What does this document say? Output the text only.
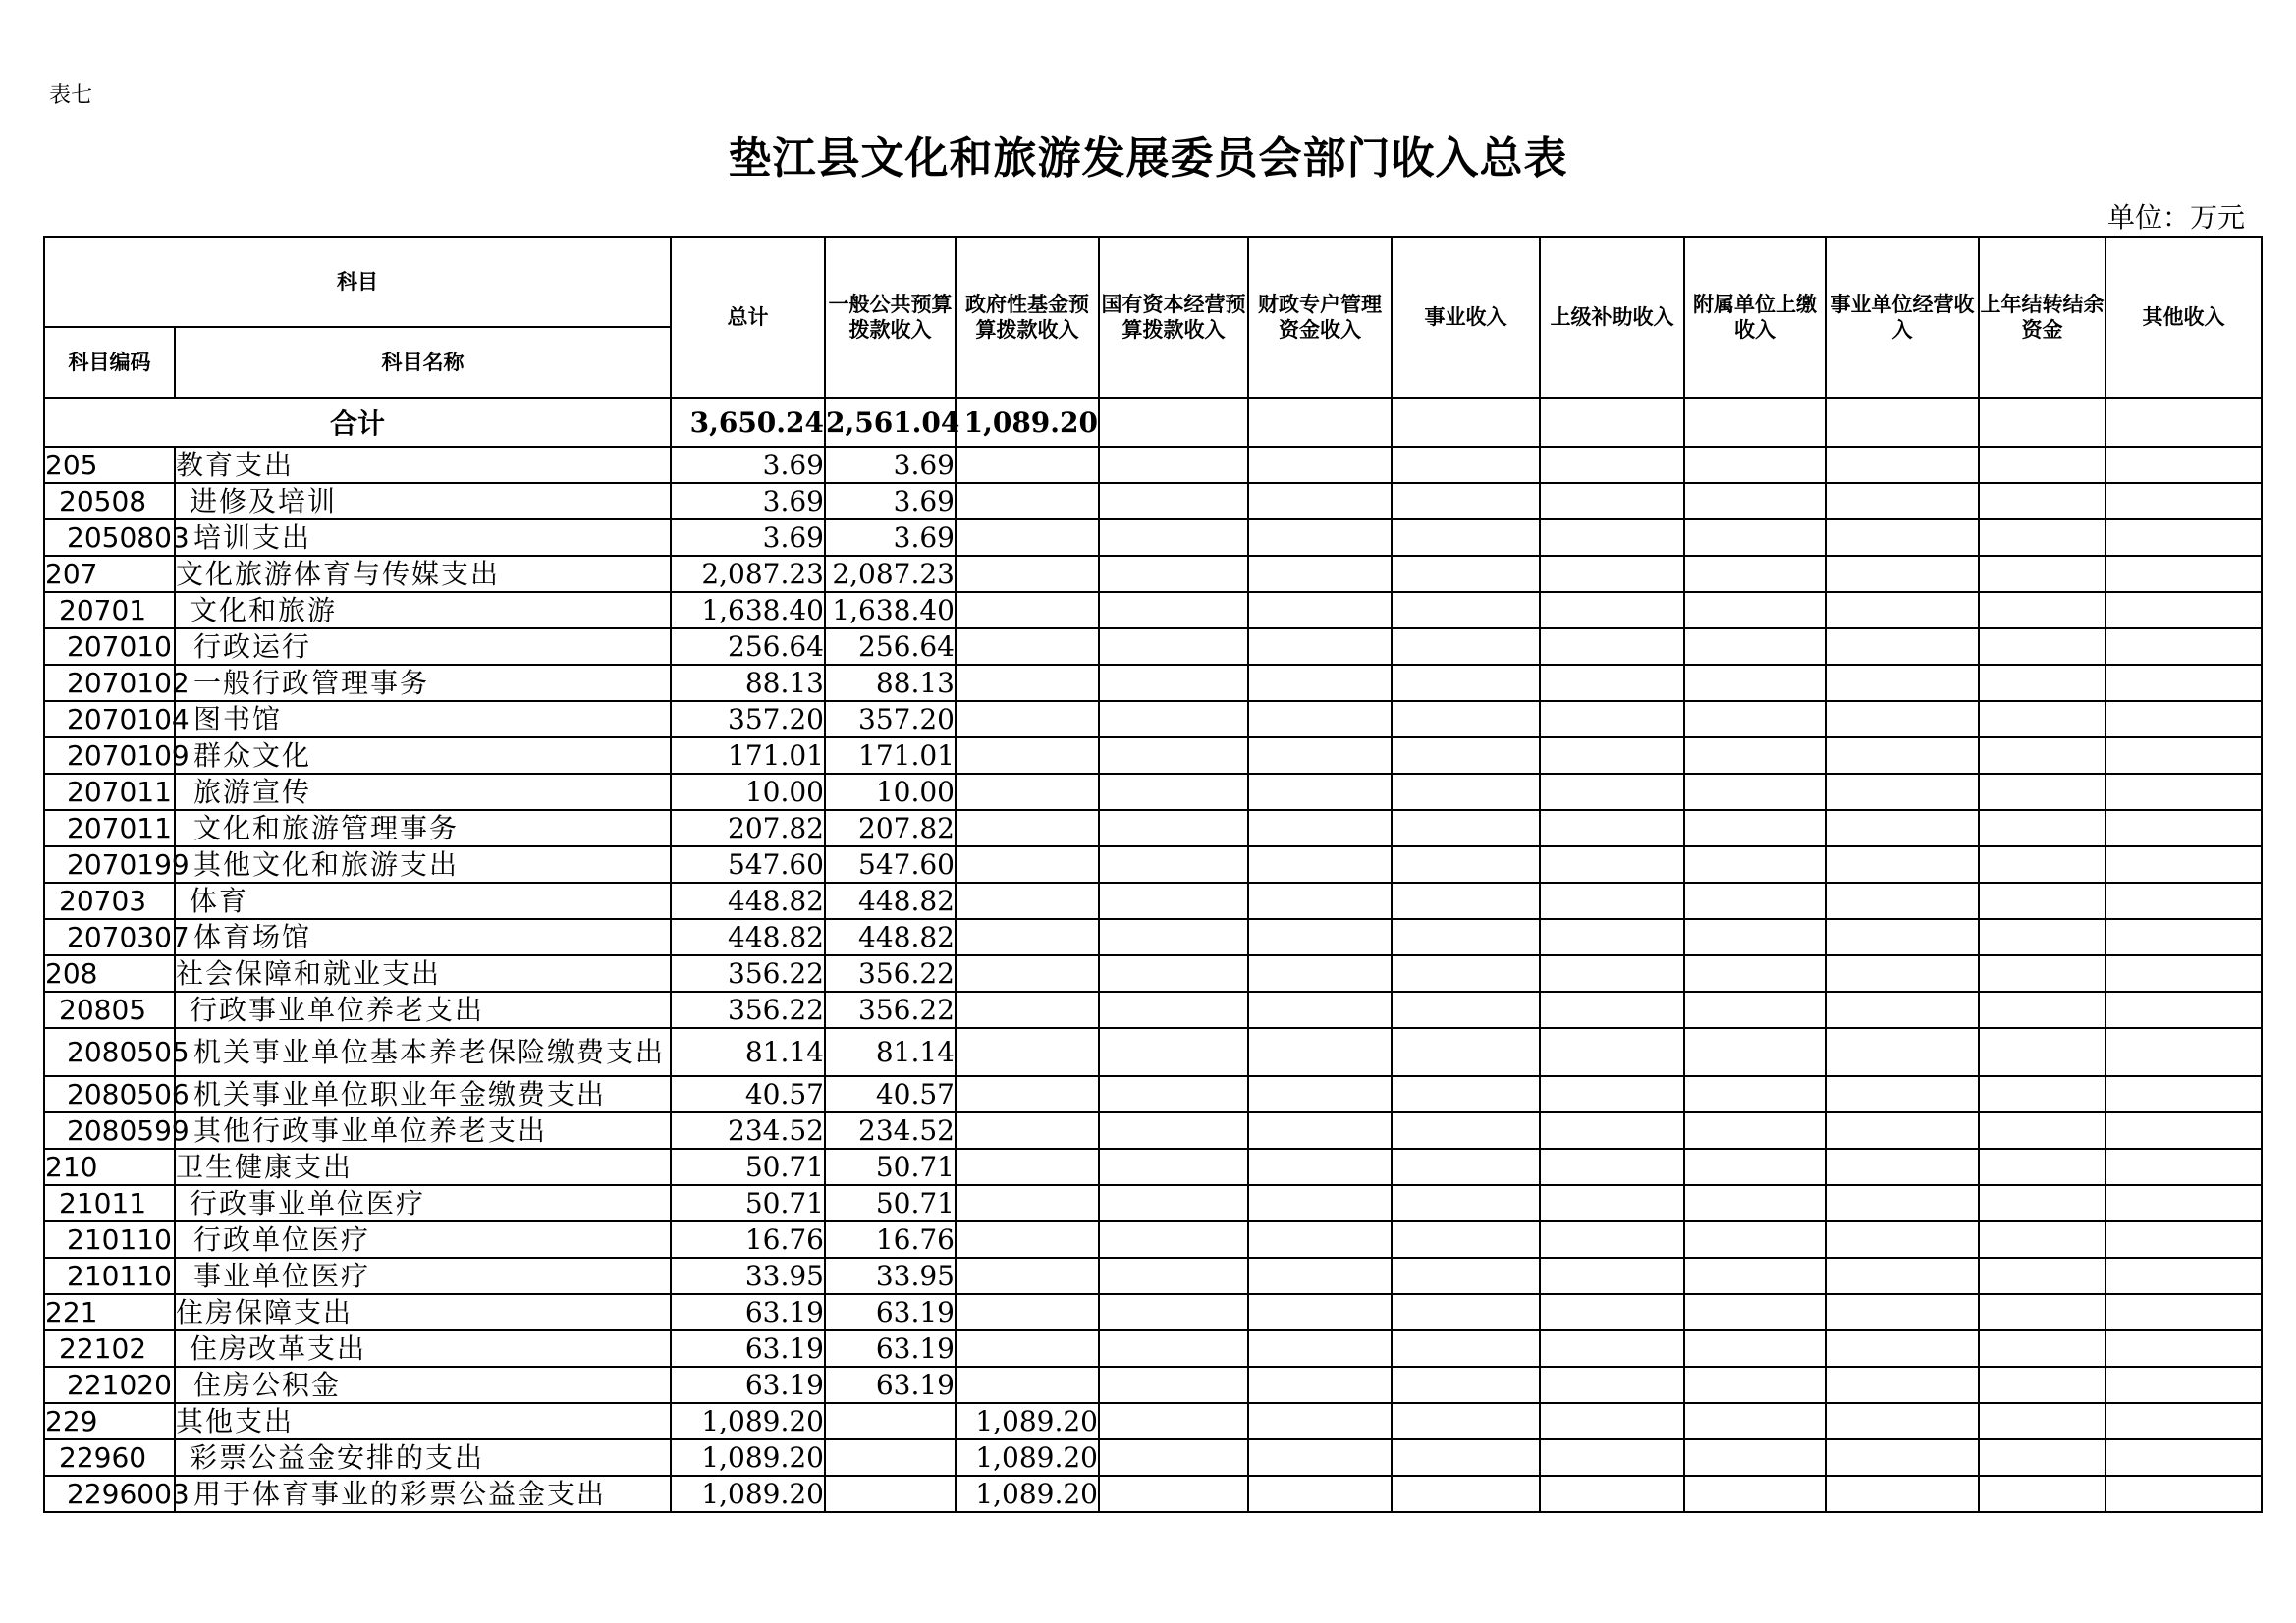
表七
垫江县文化和旅游发展委员会部门收入总表
单位：万元
科目		总计	一般公共预算拨款收入	政府性基金预算拨款收入	国有资本经营预算拨款收入	财政专户管理资金收入	事业收入	上级补助收入	附属单位上缴收入	事业单位经营收入	上年结转结余资金	其他收入
科目编码	科目名称											
合计		3,650.24	2,561.04	1,089.20								
205	教育支出	3.69	3.69									
20508	进修及培训	3.69	3.69									
2050803	培训支出	3.69	3.69									
207	文化旅游体育与传媒支出	2,087.23	2,087.23									
20701	文化和旅游	1,638.40	1,638.40									
207010	行政运行	256.64	256.64									
2070102	一般行政管理事务	88.13	88.13									
2070104	图书馆	357.20	357.20									
2070109	群众文化	171.01	171.01									
207011	旅游宣传	10.00	10.00									
207011	文化和旅游管理事务	207.82	207.82									
2070199	其他文化和旅游支出	547.60	547.60									
20703	体育	448.82	448.82									
2070307	体育场馆	448.82	448.82									
208	社会保障和就业支出	356.22	356.22									
20805	行政事业单位养老支出	356.22	356.22									
2080505	机关事业单位基本养老保险缴费支出	81.14	81.14									
2080506	机关事业单位职业年金缴费支出	40.57	40.57									
2080599	其他行政事业单位养老支出	234.52	234.52									
210	卫生健康支出	50.71	50.71									
21011	行政事业单位医疗	50.71	50.71									
210110	行政单位医疗	16.76	16.76									
210110	事业单位医疗	33.95	33.95									
221	住房保障支出	63.19	63.19									
22102	住房改革支出	63.19	63.19									
221020	住房公积金	63.19	63.19									
229	其他支出	1,089.20		1,089.20								
22960	彩票公益金安排的支出	1,089.20		1,089.20								
2296003	用于体育事业的彩票公益金支出	1,089.20		1,089.20								
